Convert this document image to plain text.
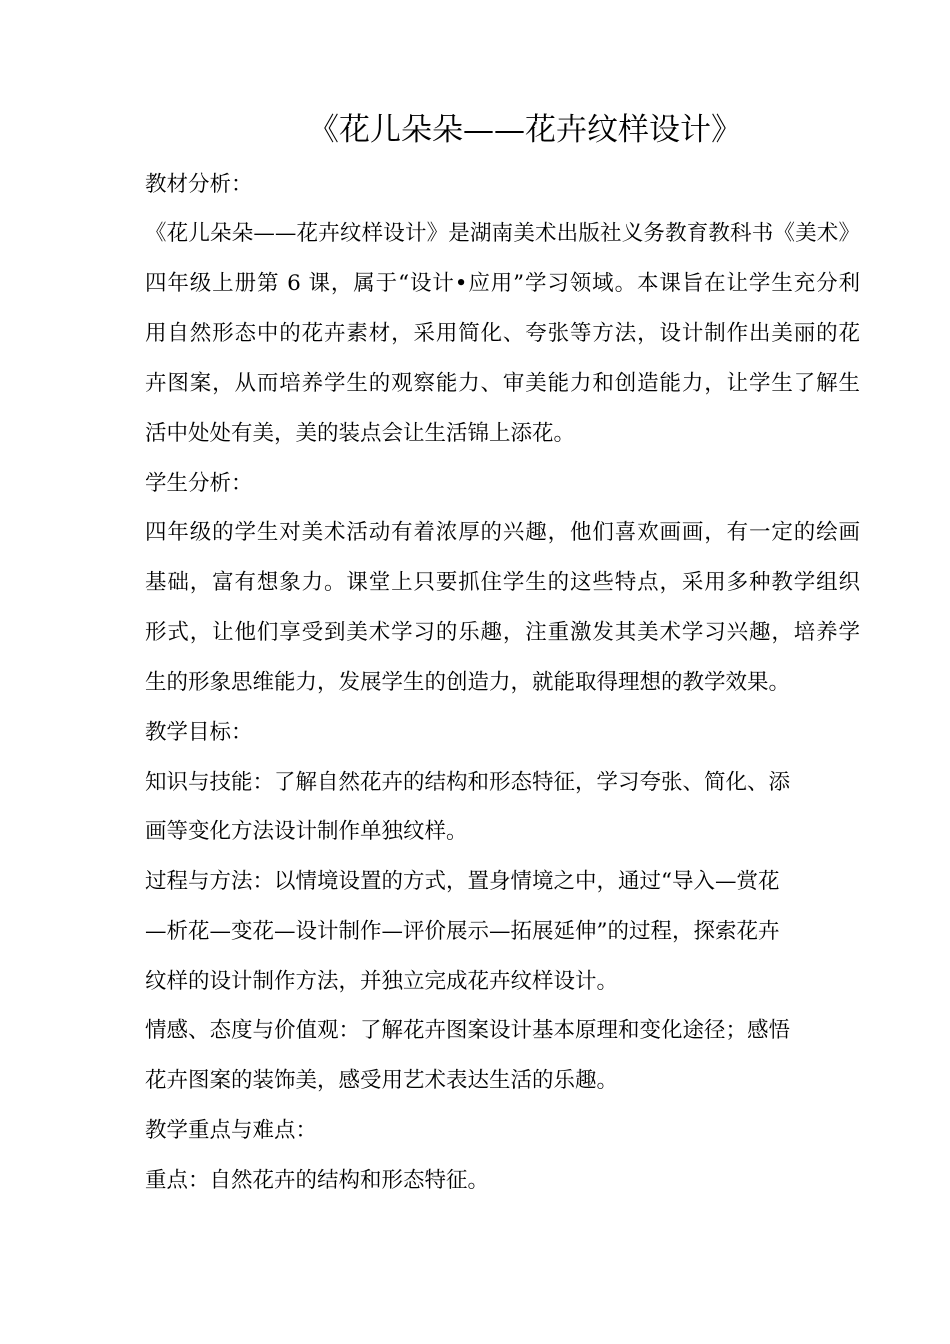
《花儿朵朵——花卉纹样设计》
教材分析：
《花儿朵朵——花卉纹样设计》是湖南美术出版社义务教育教科书《美术》
四年级上册第 6 课，属于“设计•应用”学习领域。本课旨在让学生充分利
用自然形态中的花卉素材，采用简化、夸张等方法，设计制作出美丽的花
卉图案，从而培养学生的观察能力、审美能力和创造能力，让学生了解生
活中处处有美，美的装点会让生活锦上添花。
学生分析：
四年级的学生对美术活动有着浓厚的兴趣，他们喜欢画画，有一定的绘画
基础，富有想象力。课堂上只要抓住学生的这些特点，采用多种教学组织
形式，让他们享受到美术学习的乐趣，注重激发其美术学习兴趣，培养学
生的形象思维能力，发展学生的创造力，就能取得理想的教学效果。
教学目标：
知识与技能：了解自然花卉的结构和形态特征，学习夸张、简化、添
画等变化方法设计制作单独纹样。
过程与方法：以情境设置的方式，置身情境之中，通过“导入—赏花
—析花—变花—设计制作—评价展示—拓展延伸”的过程，探索花卉
纹样的设计制作方法，并独立完成花卉纹样设计。
情感、态度与价值观：了解花卉图案设计基本原理和变化途径；感悟
花卉图案的装饰美，感受用艺术表达生活的乐趣。
教学重点与难点：
重点：自然花卉的结构和形态特征。
